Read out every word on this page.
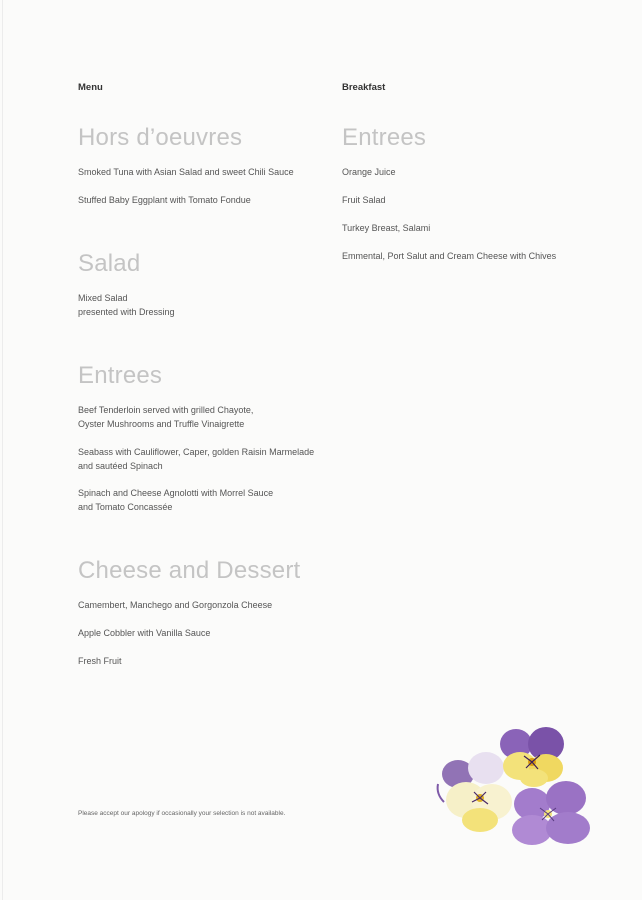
Menu
Hors d’oeuvres

Smoked Tuna with Asian Salad and sweet Chili Sauce

Stuffed Baby Eggplant with Tomato Fondue

Salad

Mixed Salad
presented with Dressing

Entrees

Beef Tenderloin served with grilled Chayote,
Oyster Mushrooms and Truffle Vinaigrette

Seabass with Cauliflower, Caper, golden Raisin Marmelade
and sautéed Spinach

Spinach and Cheese Agnolotti with Morrel Sauce
and Tomato Concassée

Cheese and Dessert

Camembert, Manchego and Gorgonzola Cheese

Apple Cobbler with Vanilla Sauce

Fresh Fruit

Breakfast
Entrees

Orange Juice

Fruit Salad

Turkey Breast, Salami

Emmental, Port Salut and Cream Cheese with Chives

Please accept our apology if occasionally your selection is not available.
